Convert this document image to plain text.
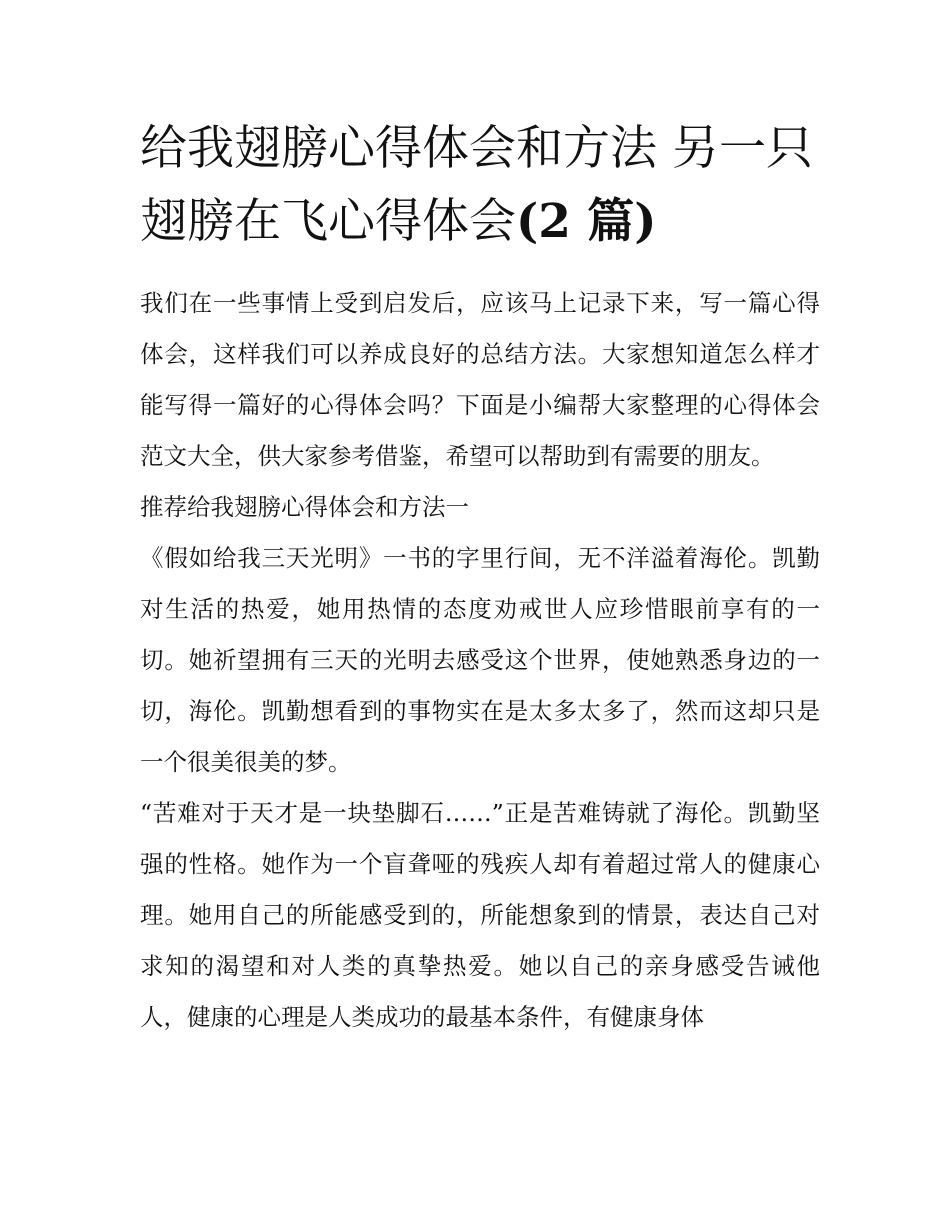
给我翅膀心得体会和方法 另一只翅膀在飞心得体会(2 篇)

我们在一些事情上受到启发后，应该马上记录下来，写一篇心得体会，这样我们可以养成良好的总结方法。大家想知道怎么样才能写得一篇好的心得体会吗？下面是小编帮大家整理的心得体会范文大全，供大家参考借鉴，希望可以帮助到有需要的朋友。

推荐给我翅膀心得体会和方法一

《假如给我三天光明》一书的字里行间，无不洋溢着海伦。凯勤对生活的热爱，她用热情的态度劝戒世人应珍惜眼前享有的一切。她祈望拥有三天的光明去感受这个世界，使她熟悉身边的一切，海伦。凯勤想看到的事物实在是太多太多了，然而这却只是一个很美很美的梦。

“苦难对于天才是一块垫脚石……”正是苦难铸就了海伦。凯勤坚强的性格。她作为一个盲聋哑的残疾人却有着超过常人的健康心理。她用自己的所能感受到的，所能想象到的情景，表达自己对求知的渴望和对人类的真挚热爱。她以自己的亲身感受告诫他人，健康的心理是人类成功的最基本条件，有健康身体
